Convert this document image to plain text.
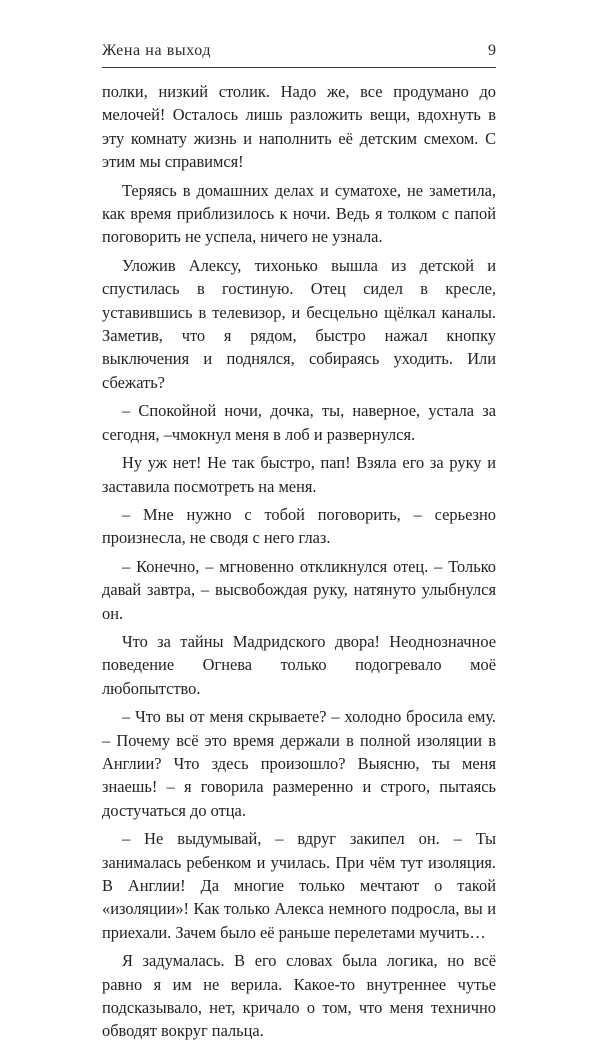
Жена на выход	9

полки, низкий столик. Надо же, все продумано до мелочей! Осталось лишь разложить вещи, вдохнуть в эту комнату жизнь и наполнить её детским смехом. С этим мы справимся!

Теряясь в домашних делах и суматохе, не заметила, как время приблизилось к ночи. Ведь я толком с папой поговорить не успела, ничего не узнала.

Уложив Алексу, тихонько вышла из детской и спустилась в гостиную. Отец сидел в кресле, уставившись в телевизор, и бесцельно щёлкал каналы. Заметив, что я рядом, быстро нажал кнопку выключения и поднялся, собираясь уходить. Или сбежать?

– Спокойной ночи, дочка, ты, наверное, устала за сегодня, –чмокнул меня в лоб и развернулся.

Ну уж нет! Не так быстро, пап! Взяла его за руку и заставила посмотреть на меня.

– Мне нужно с тобой поговорить, – серьезно произнесла, не сводя с него глаз.

– Конечно, – мгновенно откликнулся отец. – Только давай завтра, – высвобождая руку, натянуто улыбнулся он.

Что за тайны Мадридского двора! Неоднозначное поведение Огнева только подогревало моё любопытство.

– Что вы от меня скрываете? – холодно бросила ему. – Почему всё это время держали в полной изоляции в Англии? Что здесь произошло? Выясню, ты меня знаешь! – я говорила размеренно и строго, пытаясь достучаться до отца.

– Не выдумывай, – вдруг закипел он. – Ты занималась ребенком и училась. При чём тут изоляция. В Англии! Да многие только мечтают о такой «изоляции»! Как только Алекса немного подросла, вы и приехали. Зачем было её раньше перелетами мучить…

Я задумалась. В его словах была логика, но всё равно я им не верила. Какое-то внутреннее чутье подсказывало, нет, кричало о том, что меня технично обводят вокруг пальца.
